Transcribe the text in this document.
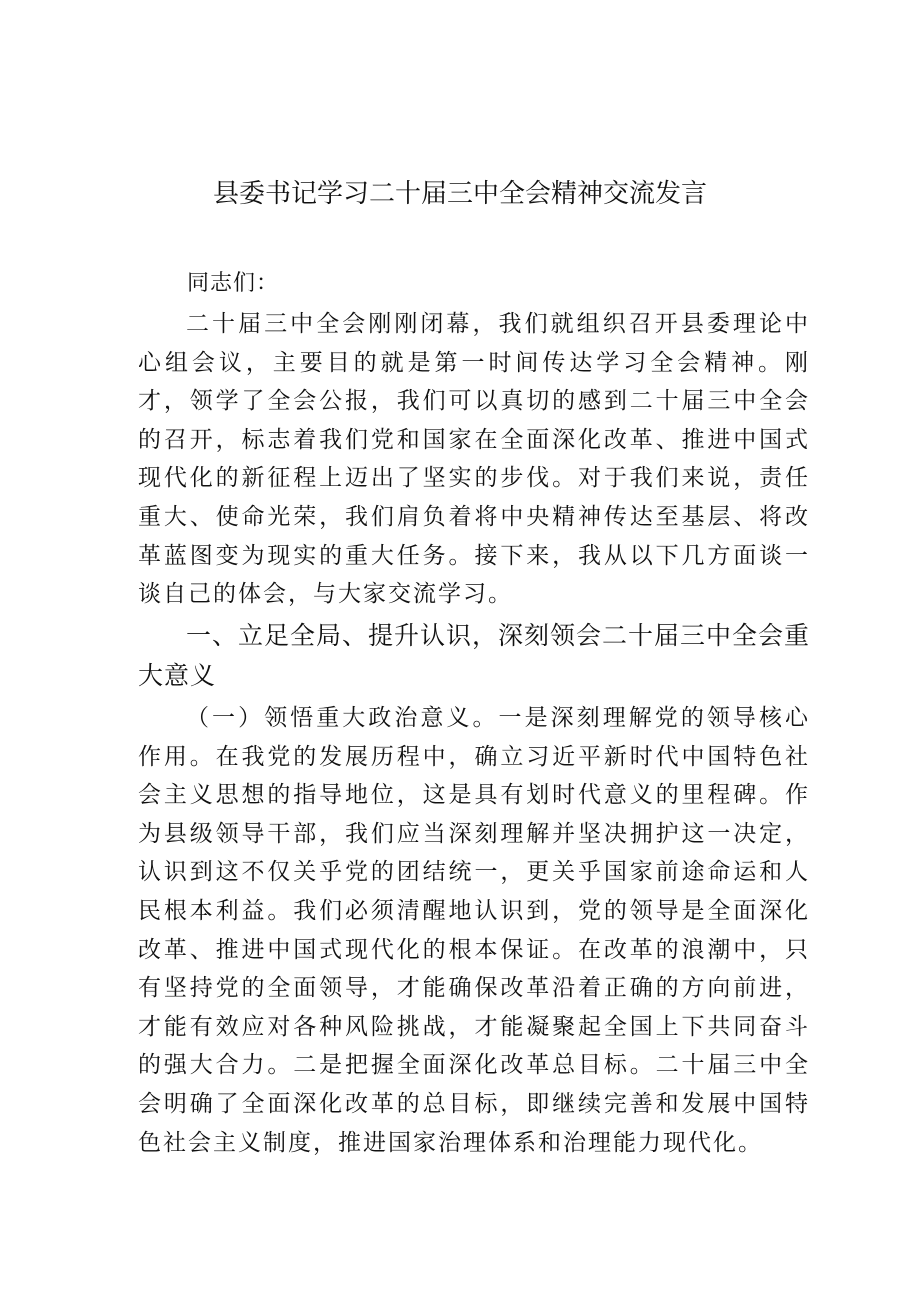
县委书记学习二十届三中全会精神交流发言
同志们：

二十届三中全会刚刚闭幕，我们就组织召开县委理论中心组会议，主要目的就是第一时间传达学习全会精神。刚才，领学了全会公报，我们可以真切的感到二十届三中全会的召开，标志着我们党和国家在全面深化改革、推进中国式现代化的新征程上迈出了坚实的步伐。对于我们来说，责任重大、使命光荣，我们肩负着将中央精神传达至基层、将改革蓝图变为现实的重大任务。接下来，我从以下几方面谈一谈自己的体会，与大家交流学习。

一、立足全局、提升认识，深刻领会二十届三中全会重大意义

（一）领悟重大政治意义。一是深刻理解党的领导核心作用。在我党的发展历程中，确立习近平新时代中国特色社会主义思想的指导地位，这是具有划时代意义的里程碑。作为县级领导干部，我们应当深刻理解并坚决拥护这一决定，认识到这不仅关乎党的团结统一，更关乎国家前途命运和人民根本利益。我们必须清醒地认识到，党的领导是全面深化改革、推进中国式现代化的根本保证。在改革的浪潮中，只有坚持党的全面领导，才能确保改革沿着正确的方向前进，才能有效应对各种风险挑战，才能凝聚起全国上下共同奋斗的强大合力。二是把握全面深化改革总目标。二十届三中全会明确了全面深化改革的总目标，即继续完善和发展中国特色社会主义制度，推进国家治理体系和治理能力现代化。
